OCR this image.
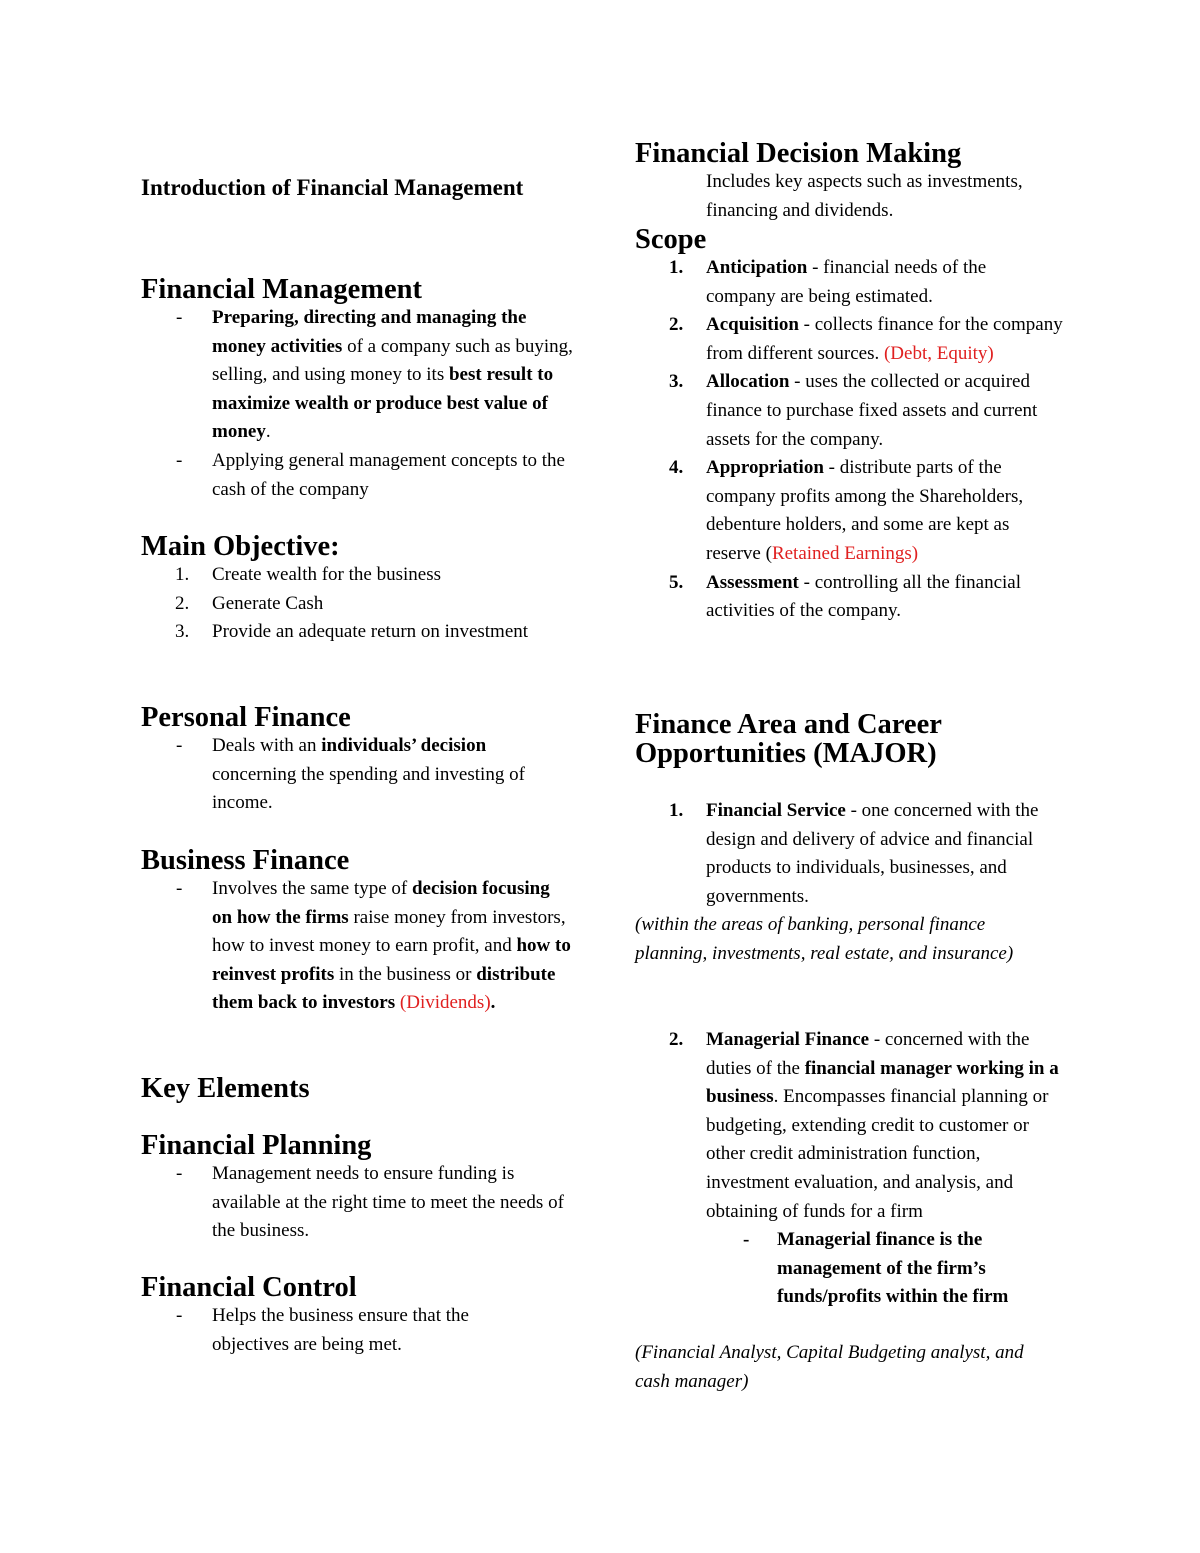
Introduction of Financial Management
Financial Management
-	Preparing, directing and managing the money activities of a company such as buying, selling, and using money to its best result to maximize wealth or produce best value of money.
-	Applying general management concepts to the cash of the company
Main Objective:
1.	Create wealth for the business
2.	Generate Cash
3.	Provide an adequate return on investment
Personal Finance
-	Deals with an individuals’ decision concerning the spending and investing of income.
Business Finance
-	Involves the same type of decision focusing on how the firms raise money from investors, how to invest money to earn profit, and how to reinvest profits in the business or distribute them back to investors (Dividends).
Key Elements
Financial Planning
-	Management needs to ensure funding is available at the right time to meet the needs of the business.
Financial Control
-	Helps the business ensure that the objectives are being met.
Financial Decision Making
Includes key aspects such as investments, financing and dividends.
Scope
1.	Anticipation - financial needs of the company are being estimated.
2.	Acquisition - collects finance for the company from different sources. (Debt, Equity)
3.	Allocation - uses the collected or acquired finance to purchase fixed assets and current assets for the company.
4.	Appropriation - distribute parts of the company profits among the Shareholders, debenture holders, and some are kept as reserve (Retained Earnings)
5.	Assessment - controlling all the financial activities of the company.
Finance Area and Career Opportunities (MAJOR)
1.	Financial Service - one concerned with the design and delivery of advice and financial products to individuals, businesses, and governments.
(within the areas of banking, personal finance planning, investments, real estate, and insurance)
2.	Managerial Finance - concerned with the duties of the financial manager working in a business. Encompasses financial planning or budgeting, extending credit to customer or other credit administration function, investment evaluation, and analysis, and obtaining of funds for a firm
-	Managerial finance is the management of the firm’s funds/profits within the firm
(Financial Analyst, Capital Budgeting analyst, and cash manager)
